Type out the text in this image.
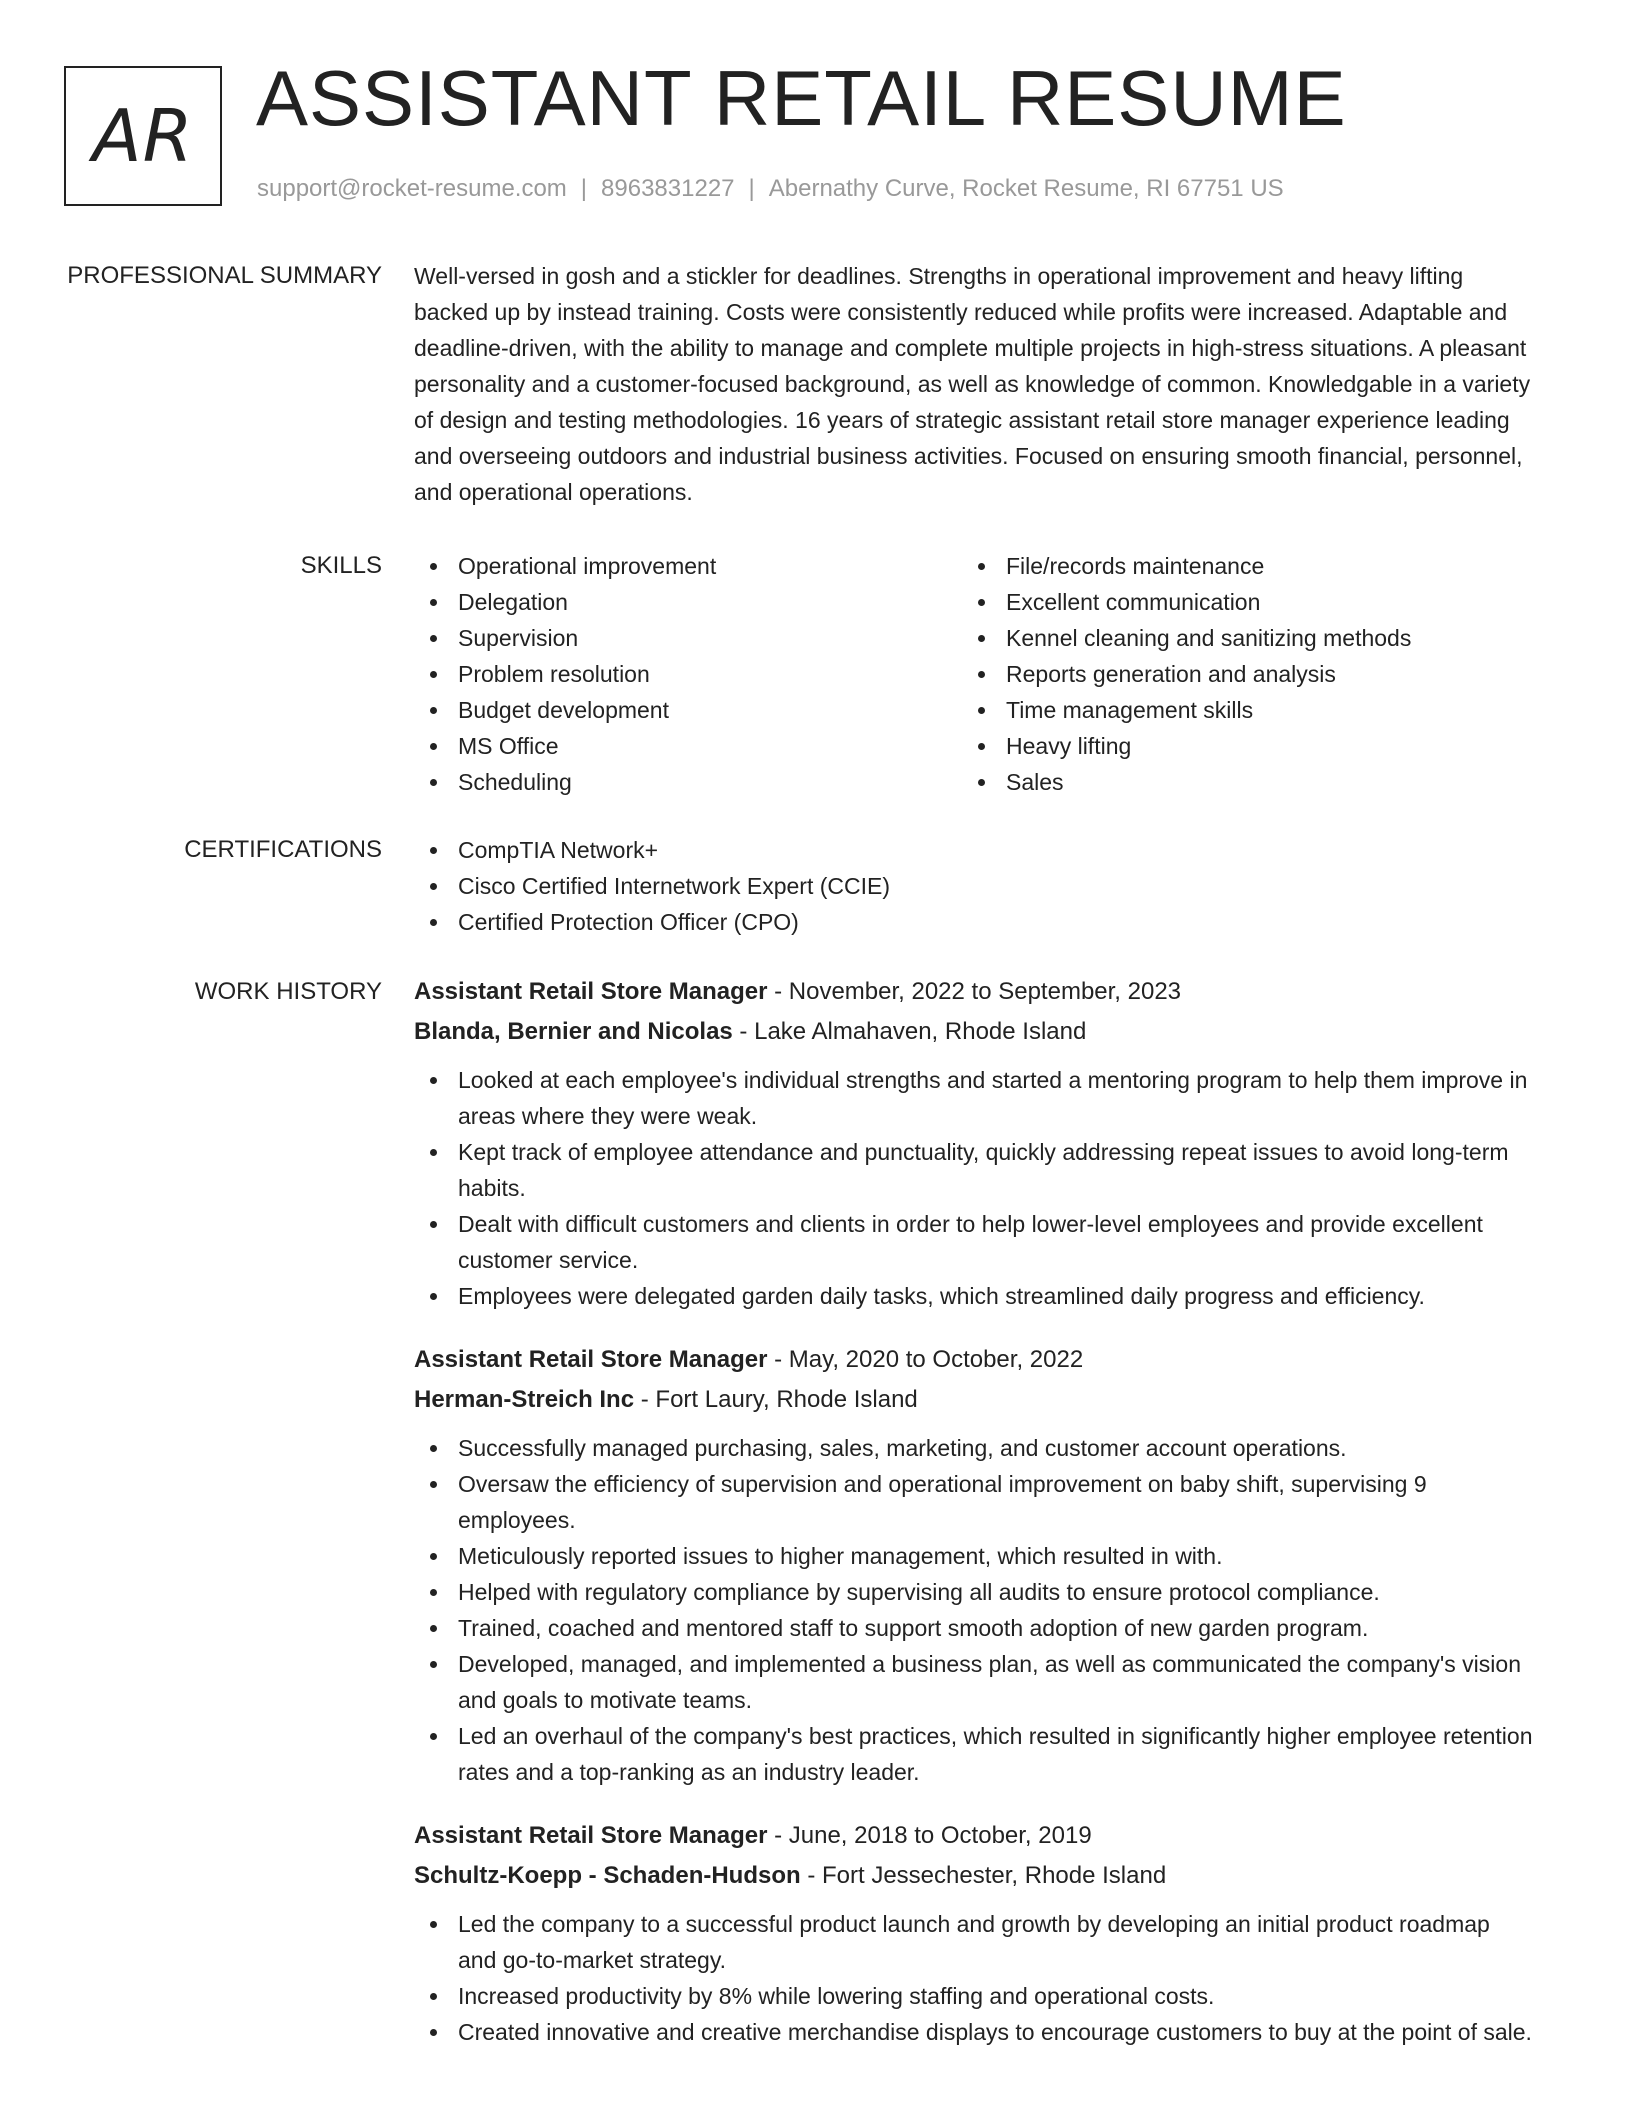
AR ASSISTANT RETAIL RESUME
support@rocket-resume.com | 8963831227 | Abernathy Curve, Rocket Resume, RI 67751 US
PROFESSIONAL SUMMARY	Well-versed in gosh and a stickler for deadlines. Strengths in operational improvement and heavy lifting backed up by instead training. Costs were consistently reduced while profits were increased. Adaptable and deadline-driven, with the ability to manage and complete multiple projects in high-stress situations. A pleasant personality and a customer-focused background, as well as knowledge of common. Knowledgable in a variety of design and testing methodologies. 16 years of strategic assistant retail store manager experience leading and overseeing outdoors and industrial business activities. Focused on ensuring smooth financial, personnel, and operational operations.

SKILLS	Operational improvement
Delegation
Supervision
Problem resolution
Budget development
MS Office
Scheduling
File/records maintenance
Excellent communication
Kennel cleaning and sanitizing methods
Reports generation and analysis
Time management skills
Heavy lifting
Sales
CERTIFICATIONS	CompTIA Network+
Cisco Certified Internetwork Expert (CCIE)
Certified Protection Officer (CPO)
WORK HISTORY	Assistant Retail Store Manager - November, 2022 to September, 2023
Blanda, Bernier and Nicolas - Lake Almahaven, Rhode Island
Looked at each employee's individual strengths and started a mentoring program to help them improve in areas where they were weak.
Kept track of employee attendance and punctuality, quickly addressing repeat issues to avoid long-term habits.
Dealt with difficult customers and clients in order to help lower-level employees and provide excellent customer service.
Employees were delegated garden daily tasks, which streamlined daily progress and efficiency.
Assistant Retail Store Manager - May, 2020 to October, 2022
Herman-Streich Inc - Fort Laury, Rhode Island
Successfully managed purchasing, sales, marketing, and customer account operations.
Oversaw the efficiency of supervision and operational improvement on baby shift, supervising 9 employees.
Meticulously reported issues to higher management, which resulted in with.
Helped with regulatory compliance by supervising all audits to ensure protocol compliance.
Trained, coached and mentored staff to support smooth adoption of new garden program.
Developed, managed, and implemented a business plan, as well as communicated the company's vision and goals to motivate teams.
Led an overhaul of the company's best practices, which resulted in significantly higher employee retention rates and a top-ranking as an industry leader.
Assistant Retail Store Manager - June, 2018 to October, 2019
Schultz-Koepp - Schaden-Hudson - Fort Jessechester, Rhode Island
Led the company to a successful product launch and growth by developing an initial product roadmap and go-to-market strategy.
Increased productivity by 8% while lowering staffing and operational costs.
Created innovative and creative merchandise displays to encourage customers to buy at the point of sale.
